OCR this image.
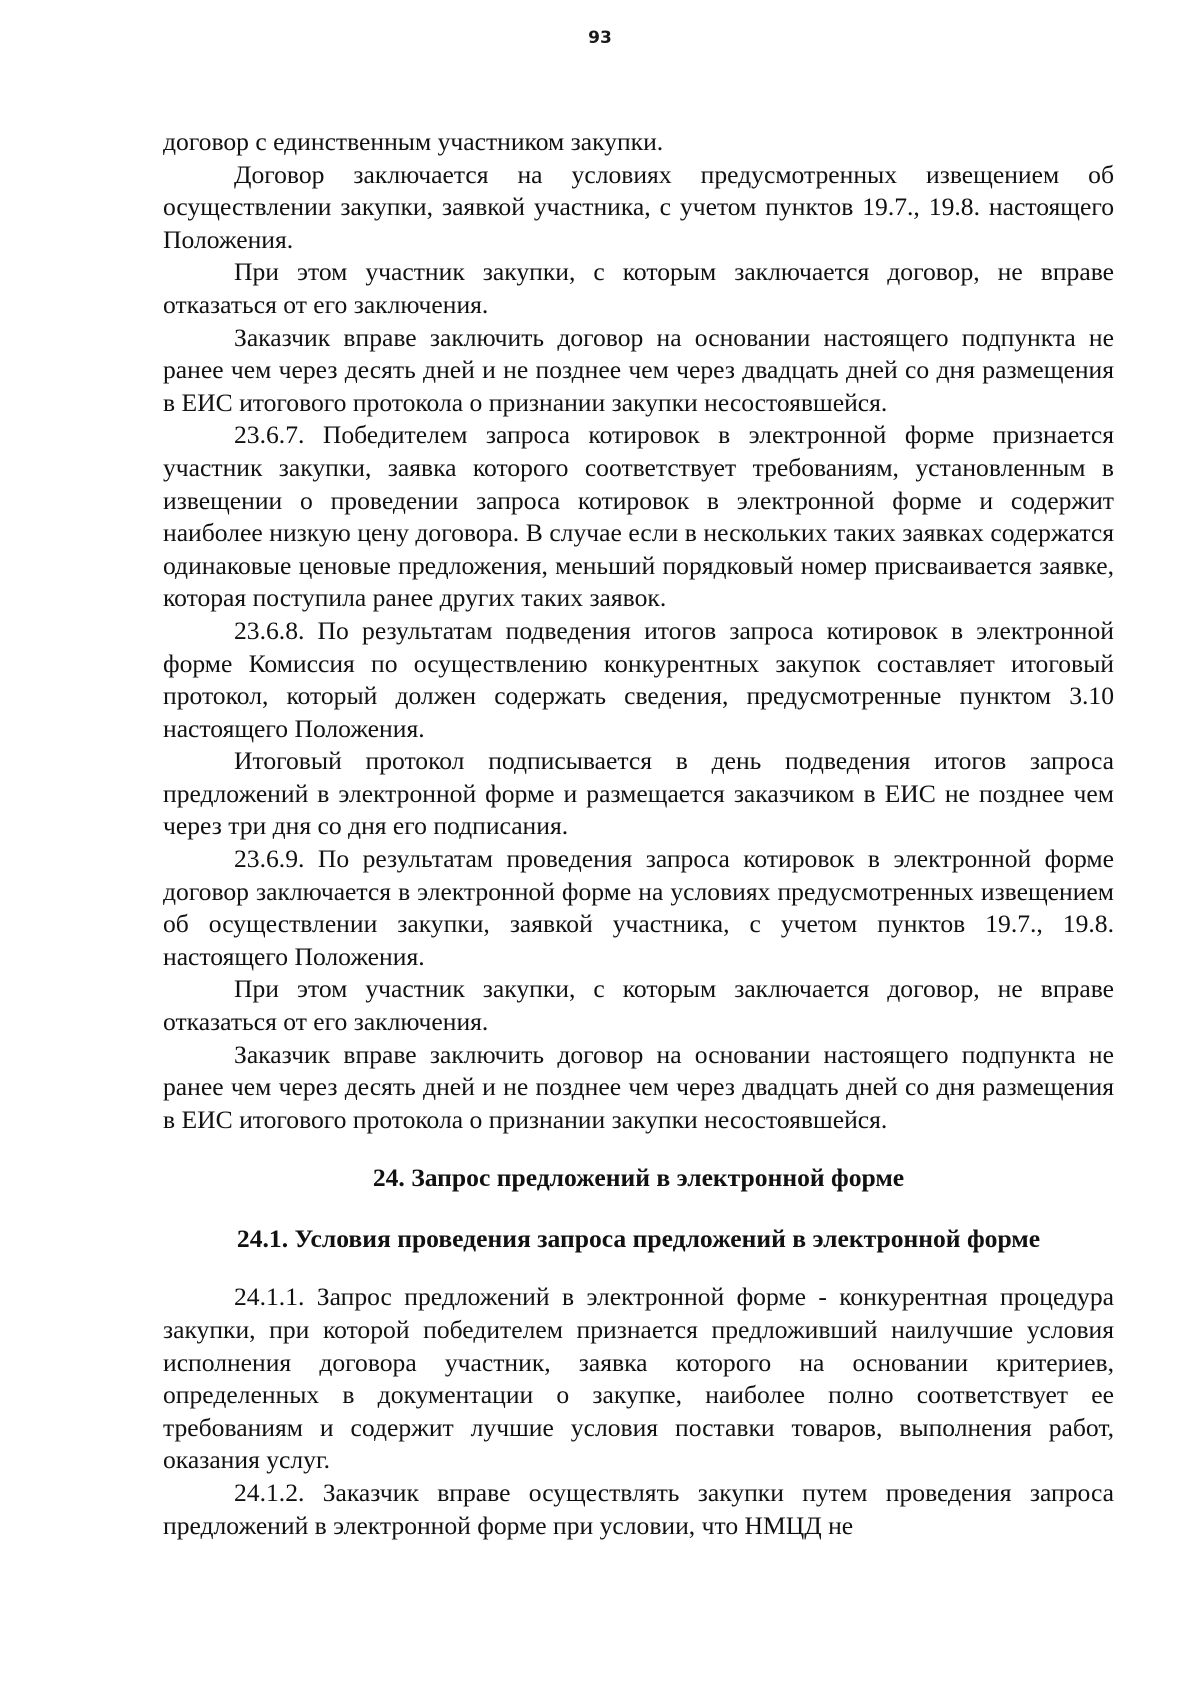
93

договор с единственным участником закупки.

Договор заключается на условиях предусмотренных извещением об осуществлении закупки, заявкой участника, с учетом пунктов 19.7., 19.8. настоящего Положения.

При этом участник закупки, с которым заключается договор, не вправе отказаться от его заключения.

Заказчик вправе заключить договор на основании настоящего подпункта не ранее чем через десять дней и не позднее чем через двадцать дней со дня размещения в ЕИС итогового протокола о признании закупки несостоявшейся.

23.6.7. Победителем запроса котировок в электронной форме признается участник закупки, заявка которого соответствует требованиям, установленным в извещении о проведении запроса котировок в электронной форме и содержит наиболее низкую цену договора. В случае если в нескольких таких заявках содержатся одинаковые ценовые предложения, меньший порядковый номер присваивается заявке, которая поступила ранее других таких заявок.

23.6.8. По результатам подведения итогов запроса котировок в электронной форме Комиссия по осуществлению конкурентных закупок составляет итоговый протокол, который должен содержать сведения, предусмотренные пунктом 3.10 настоящего Положения.

Итоговый протокол подписывается в день подведения итогов запроса предложений в электронной форме и размещается заказчиком в ЕИС не позднее чем через три дня со дня его подписания.

23.6.9. По результатам проведения запроса котировок в электронной форме договор заключается в электронной форме на условиях предусмотренных извещением об осуществлении закупки, заявкой участника, с учетом пунктов 19.7., 19.8. настоящего Положения.

При этом участник закупки, с которым заключается договор, не вправе отказаться от его заключения.

Заказчик вправе заключить договор на основании настоящего подпункта не ранее чем через десять дней и не позднее чем через двадцать дней со дня размещения в ЕИС итогового протокола о признании закупки несостоявшейся.

24. Запрос предложений в электронной форме
24.1. Условия проведения запроса предложений в электронной форме

24.1.1. Запрос предложений в электронной форме - конкурентная процедура закупки, при которой победителем признается предложивший наилучшие условия исполнения договора участник, заявка которого на основании критериев, определенных в документации о закупке, наиболее полно соответствует ее требованиям и содержит лучшие условия поставки товаров, выполнения работ, оказания услуг.

24.1.2. Заказчик вправе осуществлять закупки путем проведения запроса предложений в электронной форме при условии, что НМЦД не
